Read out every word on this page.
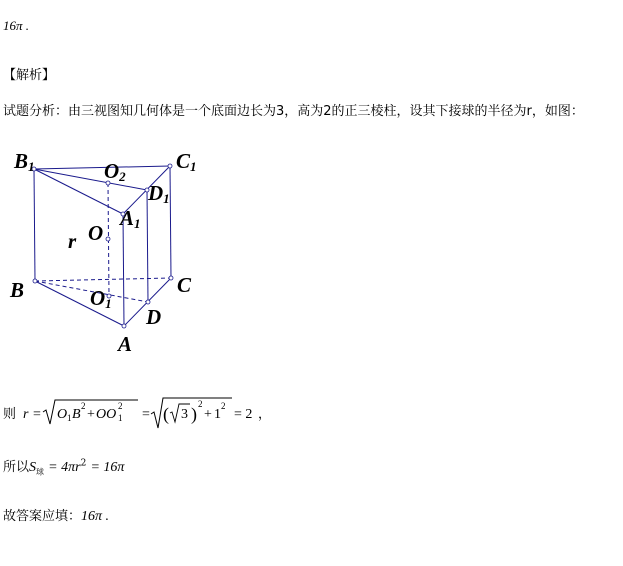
16π .
【解析】
试题分析：由三视图知几何体是一个底面边长为3，高为2的正三棱柱，设其下接球的半径为r，如图：
B1	O2
C1
D1
A1
O
r
B	O1
C
D
A
则 r = O 1 B
2
+ OO 1
2
= ( 3 ) 2
+ 1
2
= 2 ，
所以$S_球 = 4\pi r^2 = 16\pi$
故答案应填：16π .
